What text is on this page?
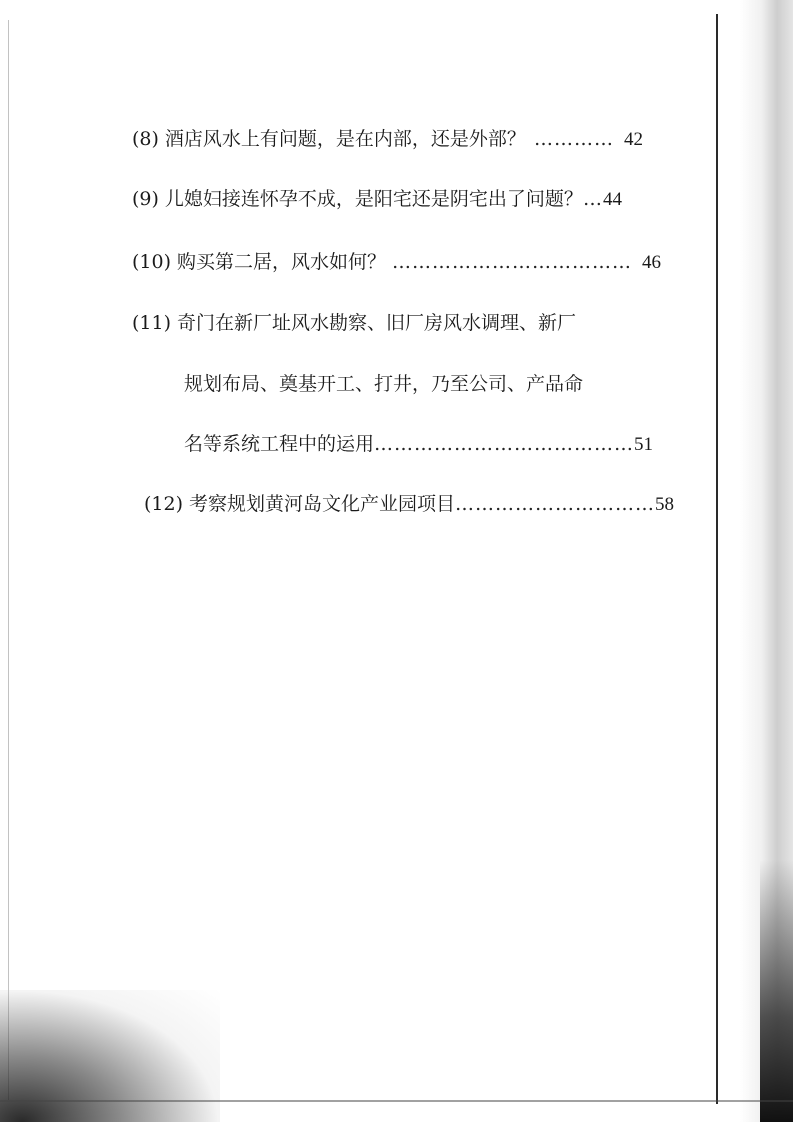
(8) 酒店风水上有问题，是在内部，还是外部？ ………… 42
(9) 儿媳妇接连怀孕不成，是阳宅还是阴宅出了问题？ … 44
(10) 购买第二居，风水如何？ ……………………………… 46
(11) 奇门在新厂址风水勘察、旧厂房风水调理、新厂
规划布局、奠基开工、打井，乃至公司、产品命
名等系统工程中的运用 ………………………………… 51
(12) 考察规划黄河岛文化产业园项目 ………………………… 58
